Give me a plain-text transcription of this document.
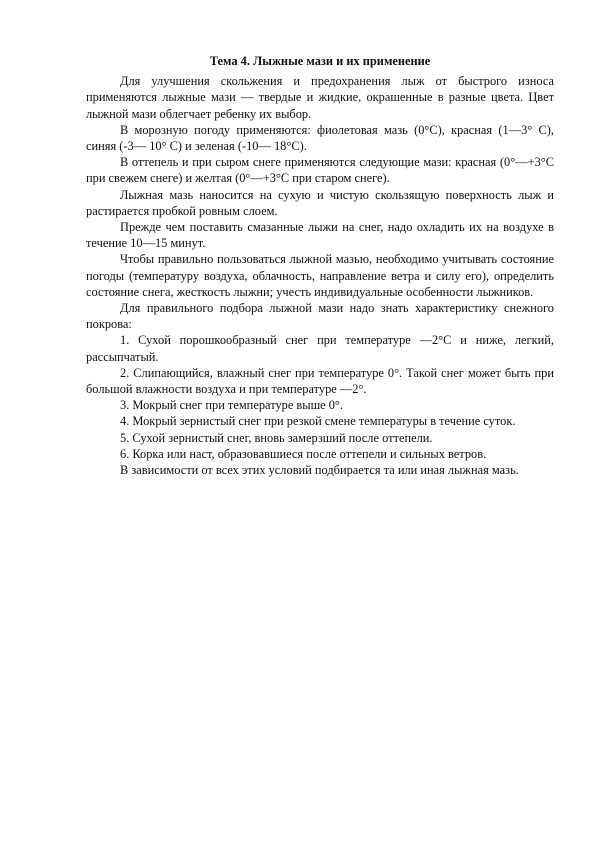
Тема 4. Лыжные мази и их применение

Для улучшения скольжения и предохранения лыж от быстрого износа применяются лыжные мази — твердые и жидкие, окрашенные в разные цвета. Цвет лыжной мази облегчает ребенку их выбор.

В морозную погоду применяются: фиолетовая мазь (0°С), красная (1—3° С), синяя (-3— 10° С) и зеленая (-10— 18°С).

В оттепель и при сыром снеге применяются следующие мази: красная (0°—+3°С при свежем снеге) и желтая (0°—+3°С при старом снеге).

Лыжная мазь наносится на сухую и чистую скользящую поверхность лыж и растирается пробкой ровным слоем.

Прежде чем поставить смазанные лыжи на снег, надо охладить их на воздухе в течение 10—15 минут.

Чтобы правильно пользоваться лыжной мазью, необходимо учитывать состояние погоды (температуру воздуха, облачность, направление ветра и силу его), определить состояние снега, жесткость лыжни; учесть индивидуальные особенности лыжников.

Для правильного подбора лыжной мази надо знать характеристику снежного покрова:

1. Сухой порошкообразный снег при температуре —2°С и ниже, легкий, рассыпчатый.

2. Слипающийся, влажный снег при температуре 0°. Такой снег может быть при большой влажности воздуха и при температуре —2°.

3. Мокрый снег при температуре выше 0°.

4. Мокрый зернистый снег при резкой смене температуры в течение суток.

5. Сухой зернистый снег, вновь замерзший после оттепели.

6. Корка или наст, образовавшиеся после оттепели и сильных ветров.

В зависимости от всех этих условий подбирается та или иная лыжная мазь.
